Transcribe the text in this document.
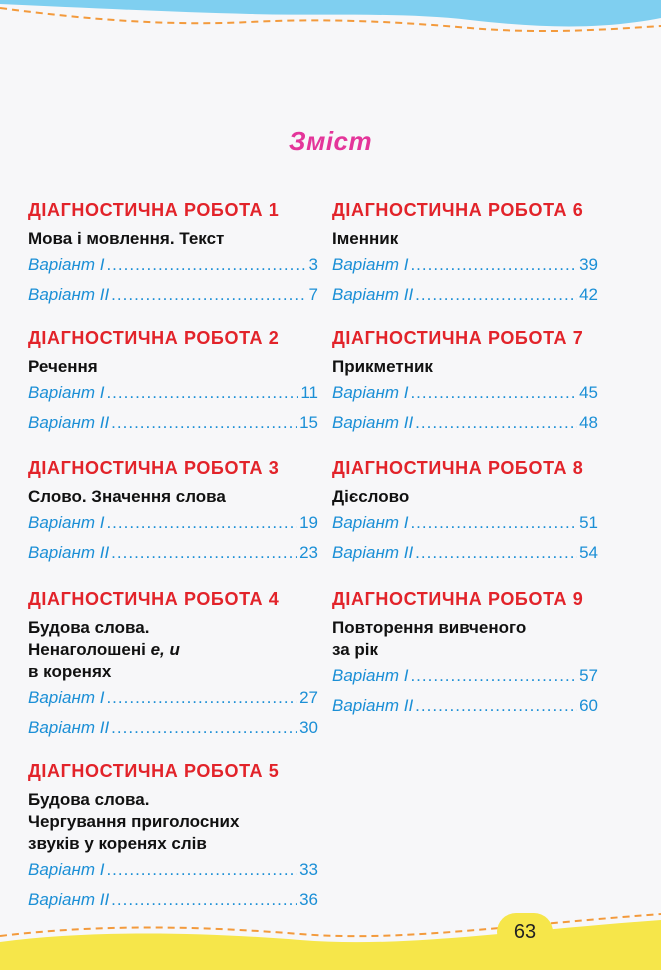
Зміст
ДІАГНОСТИЧНА РОБОТА 1
Мова і мовлення. Текст
Варіант І .....	3
Варіант ІІ .....	7
ДІАГНОСТИЧНА РОБОТА 2
Речення
Варіант І .....	11
Варіант ІІ .....	15
ДІАГНОСТИЧНА РОБОТА 3
Слово. Значення слова
Варіант І .....	19
Варіант ІІ .....	23
ДІАГНОСТИЧНА РОБОТА 4
Будова слова.
Ненаголошені е, и
в коренях
Варіант І .....	27
Варіант ІІ .....	30
ДІАГНОСТИЧНА РОБОТА 5
Будова слова.
Чергування приголосних
звуків у коренях слів
Варіант І .....	33
Варіант ІІ .....	36
ДІАГНОСТИЧНА РОБОТА 6
Іменник
Варіант І .....	39
Варіант ІІ .....	42
ДІАГНОСТИЧНА РОБОТА 7
Прикметник
Варіант І .....	45
Варіант ІІ .....	48
ДІАГНОСТИЧНА РОБОТА 8
Дієслово
Варіант І .....	51
Варіант ІІ .....	54
ДІАГНОСТИЧНА РОБОТА 9
Повторення вивченого
за рік
Варіант І .....	57
Варіант ІІ .....	60
63
